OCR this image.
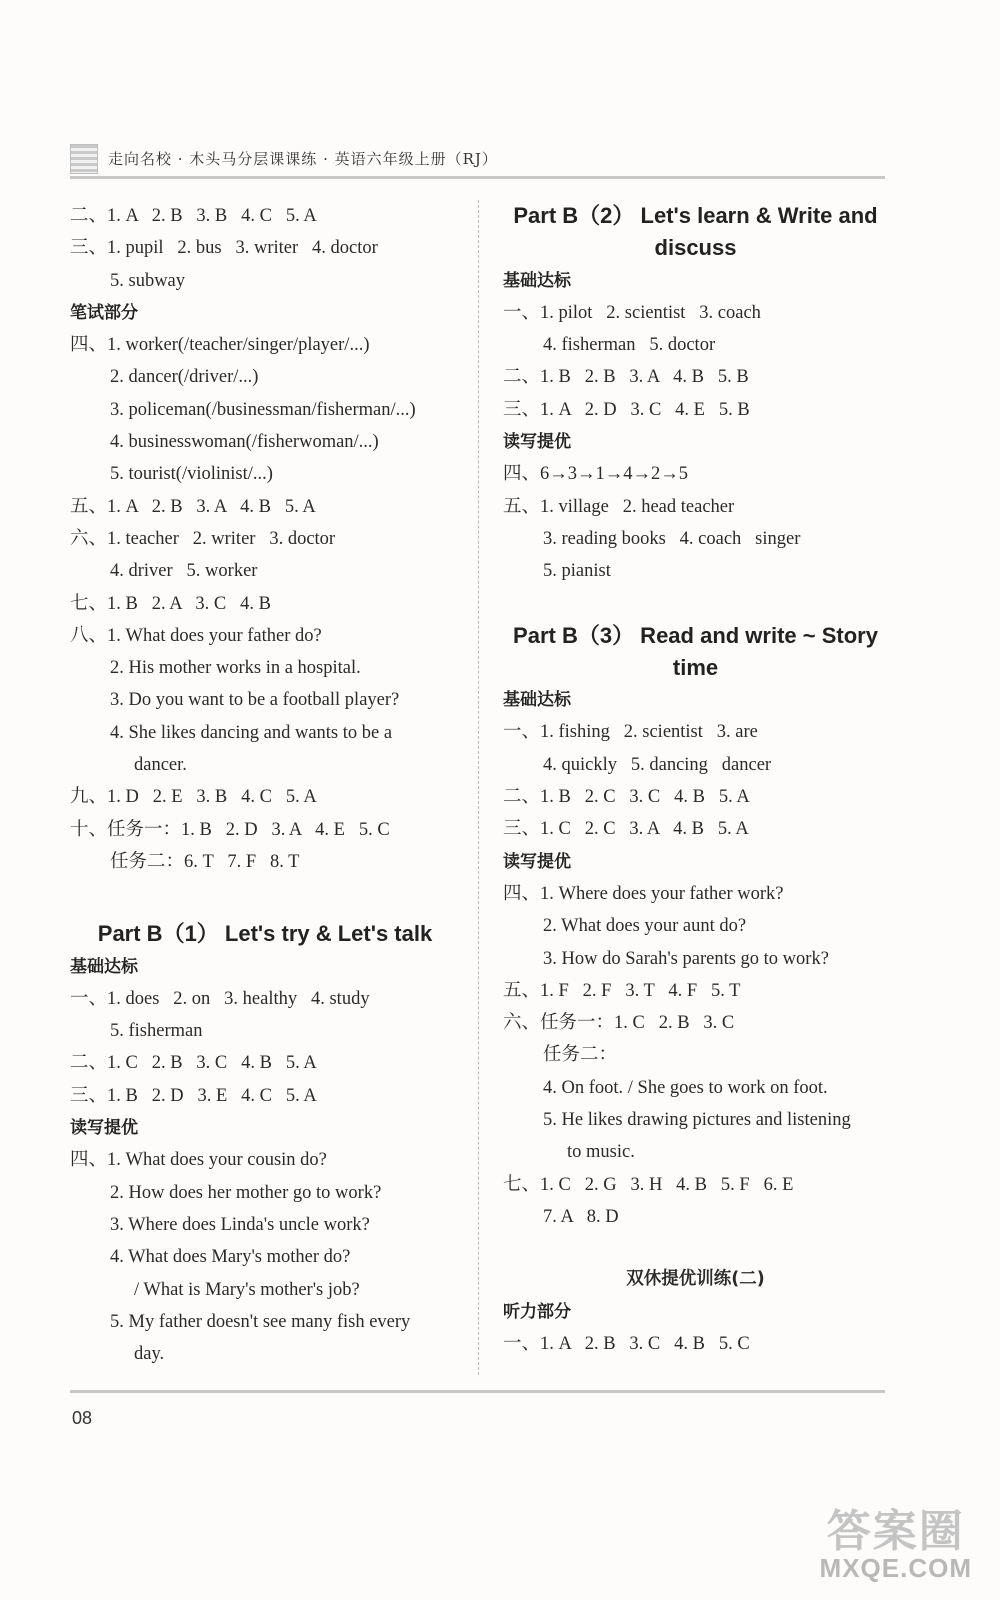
走向名校 · 木头马分层课课练 · 英语六年级上册（RJ）
二、1. A   2. B   3. B   4. C   5. A
三、1. pupil   2. bus   3. writer   4. doctor
5. subway
笔试部分
四、1. worker(/teacher/singer/player/...)
2. dancer(/driver/...)
3. policeman(/businessman/fisherman/...)
4. businesswoman(/fisherwoman/...)
5. tourist(/violinist/...)
五、1. A   2. B   3. A   4. B   5. A
六、1. teacher   2. writer   3. doctor
4. driver   5. worker
七、1. B   2. A   3. C   4. B
八、1. What does your father do?
2. His mother works in a hospital.
3. Do you want to be a football player?
4. She likes dancing and wants to be a
dancer.
九、1. D   2. E   3. B   4. C   5. A
十、任务一：1. B   2. D   3. A   4. E   5. C
任务二：6. T   7. F   8. T
Part B（1） Let's try & Let's talk
基础达标
一、1. does   2. on   3. healthy   4. study
5. fisherman
二、1. C   2. B   3. C   4. B   5. A
三、1. B   2. D   3. E   4. C   5. A
读写提优
四、1. What does your cousin do?
2. How does her mother go to work?
3. Where does Linda's uncle work?
4. What does Mary's mother do?
/ What is Mary's mother's job?
5. My father doesn't see many fish every
day.
Part B（2） Let's learn & Write and discuss
基础达标
一、1. pilot   2. scientist   3. coach
4. fisherman   5. doctor
二、1. B   2. B   3. A   4. B   5. B
三、1. A   2. D   3. C   4. E   5. B
读写提优
四、6→3→1→4→2→5
五、1. village   2. head teacher
3. reading books   4. coach   singer
5. pianist
Part B（3） Read and write ~ Story time
基础达标
一、1. fishing   2. scientist   3. are
4. quickly   5. dancing   dancer
二、1. B   2. C   3. C   4. B   5. A
三、1. C   2. C   3. A   4. B   5. A
读写提优
四、1. Where does your father work?
2. What does your aunt do?
3. How do Sarah's parents go to work?
五、1. F   2. F   3. T   4. F   5. T
六、任务一：1. C   2. B   3. C
任务二：
4. On foot. / She goes to work on foot.
5. He likes drawing pictures and listening
to music.
七、1. C   2. G   3. H   4. B   5. F   6. E
7. A   8. D
双休提优训练(二)
听力部分
一、1. A   2. B   3. C   4. B   5. C
08
答案圈
MXQE.COM
